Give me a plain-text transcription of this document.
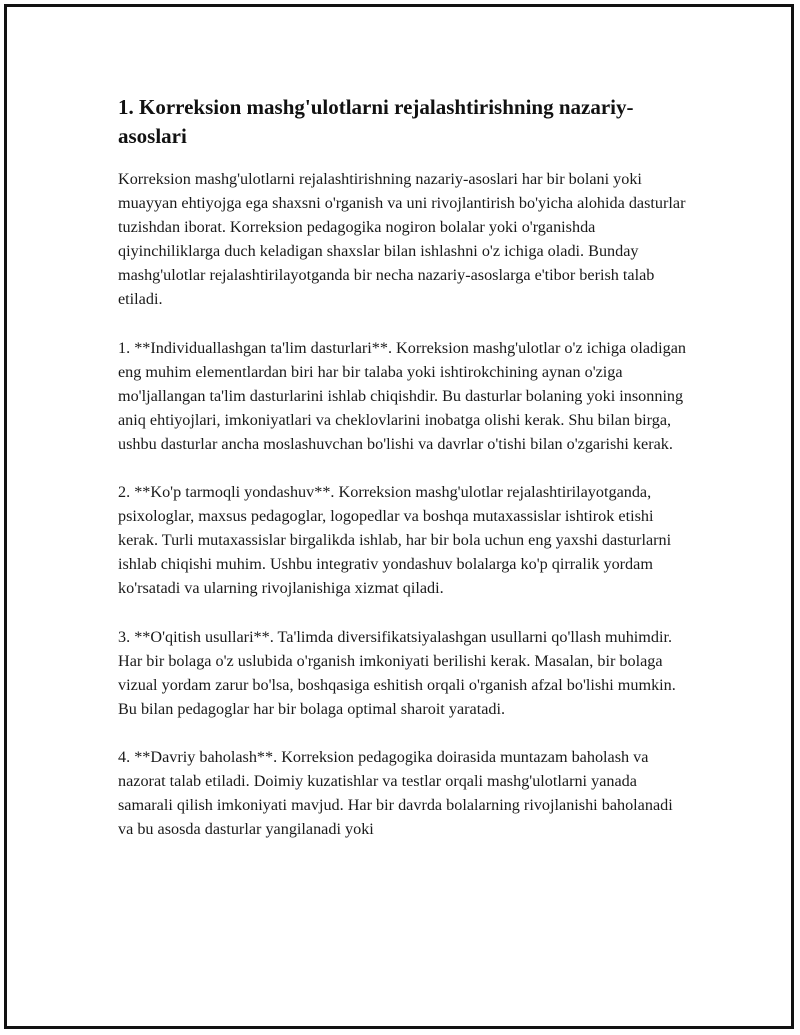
1. Korreksion mashg'ulotlarni rejalashtirishning nazariy-asoslari

Korreksion mashg'ulotlarni rejalashtirishning nazariy-asoslari har bir bolani yoki muayyan ehtiyojga ega shaxsni o'rganish va uni rivojlantirish bo'yicha alohida dasturlar tuzishdan iborat. Korreksion pedagogika nogiron bolalar yoki o'rganishda qiyinchiliklarga duch keladigan shaxslar bilan ishlashni o'z ichiga oladi. Bunday mashg'ulotlar rejalashtirilayotganda bir necha nazariy-asoslarga e'tibor berish talab etiladi.

1. **Individuallashgan ta'lim dasturlari**. Korreksion mashg'ulotlar o'z ichiga oladigan eng muhim elementlardan biri har bir talaba yoki ishtirokchining aynan o'ziga mo'ljallangan ta'lim dasturlarini ishlab chiqishdir. Bu dasturlar bolaning yoki insonning aniq ehtiyojlari, imkoniyatlari va cheklovlarini inobatga olishi kerak. Shu bilan birga, ushbu dasturlar ancha moslashuvchan bo'lishi va davrlar o'tishi bilan o'zgarishi kerak.

2. **Ko'p tarmoqli yondashuv**. Korreksion mashg'ulotlar rejalashtirilayotganda, psixologlar, maxsus pedagoglar, logopedlar va boshqa mutaxassislar ishtirok etishi kerak. Turli mutaxassislar birgalikda ishlab, har bir bola uchun eng yaxshi dasturlarni ishlab chiqishi muhim. Ushbu integrativ yondashuv bolalarga ko'p qirralik yordam ko'rsatadi va ularning rivojlanishiga xizmat qiladi.

3. **O'qitish usullari**. Ta'limda diversifikatsiyalashgan usullarni qo'llash muhimdir. Har bir bolaga o'z uslubida o'rganish imkoniyati berilishi kerak. Masalan, bir bolaga vizual yordam zarur bo'lsa, boshqasiga eshitish orqali o'rganish afzal bo'lishi mumkin. Bu bilan pedagoglar har bir bolaga optimal sharoit yaratadi.

4. **Davriy baholash**. Korreksion pedagogika doirasida muntazam baholash va nazorat talab etiladi. Doimiy kuzatishlar va testlar orqali mashg'ulotlarni yanada samarali qilish imkoniyati mavjud. Har bir davrda bolalarning rivojlanishi baholanadi va bu asosda dasturlar yangilanadi yoki
